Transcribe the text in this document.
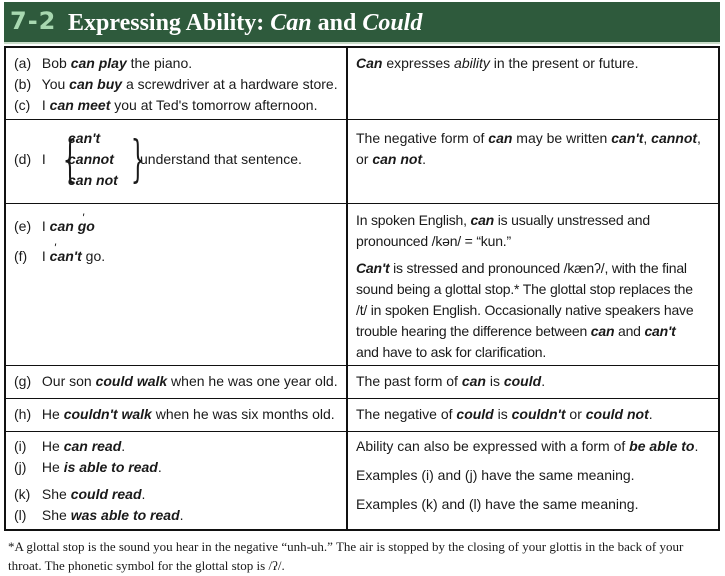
7-2 Expressing Ability: Can and Could
(a) Bob can play the piano.
(b) You can buy a screwdriver at a hardware store.
(c) I can meet you at Ted's tomorrow afternoon.
Can expresses ability in the present or future.
(d) I {
can't
cannot
can not }
understand that sentence.
The negative form of can may be written can't, cannot,
or can not.
(e) I can go '
(f) I can't ' go.
In spoken English, can is usually unstressed and
pronounced /kən/ = “kun.”
Can't is stressed and pronounced /kænʔ/, with the final
sound being a glottal stop.* The glottal stop replaces the
/t/ in spoken English. Occasionally native speakers have
trouble hearing the difference between can and can't
and have to ask for clarification.
(g) Our son could walk when he was one year old. The past form of can is could.
(h) He couldn't walk when he was six months old. The negative of could is couldn't or could not.
(i) He can read.
(j) He is able to read.
(k) She could read.
(l) She was able to read.
Ability can also be expressed with a form of be able to.
Examples (i) and (j) have the same meaning.
Examples (k) and (l) have the same meaning.
*A glottal stop is the sound you hear in the negative “unh-uh.” The air is stopped by the closing of your glottis in the back of your
throat. The phonetic symbol for the glottal stop is /ʔ/.
